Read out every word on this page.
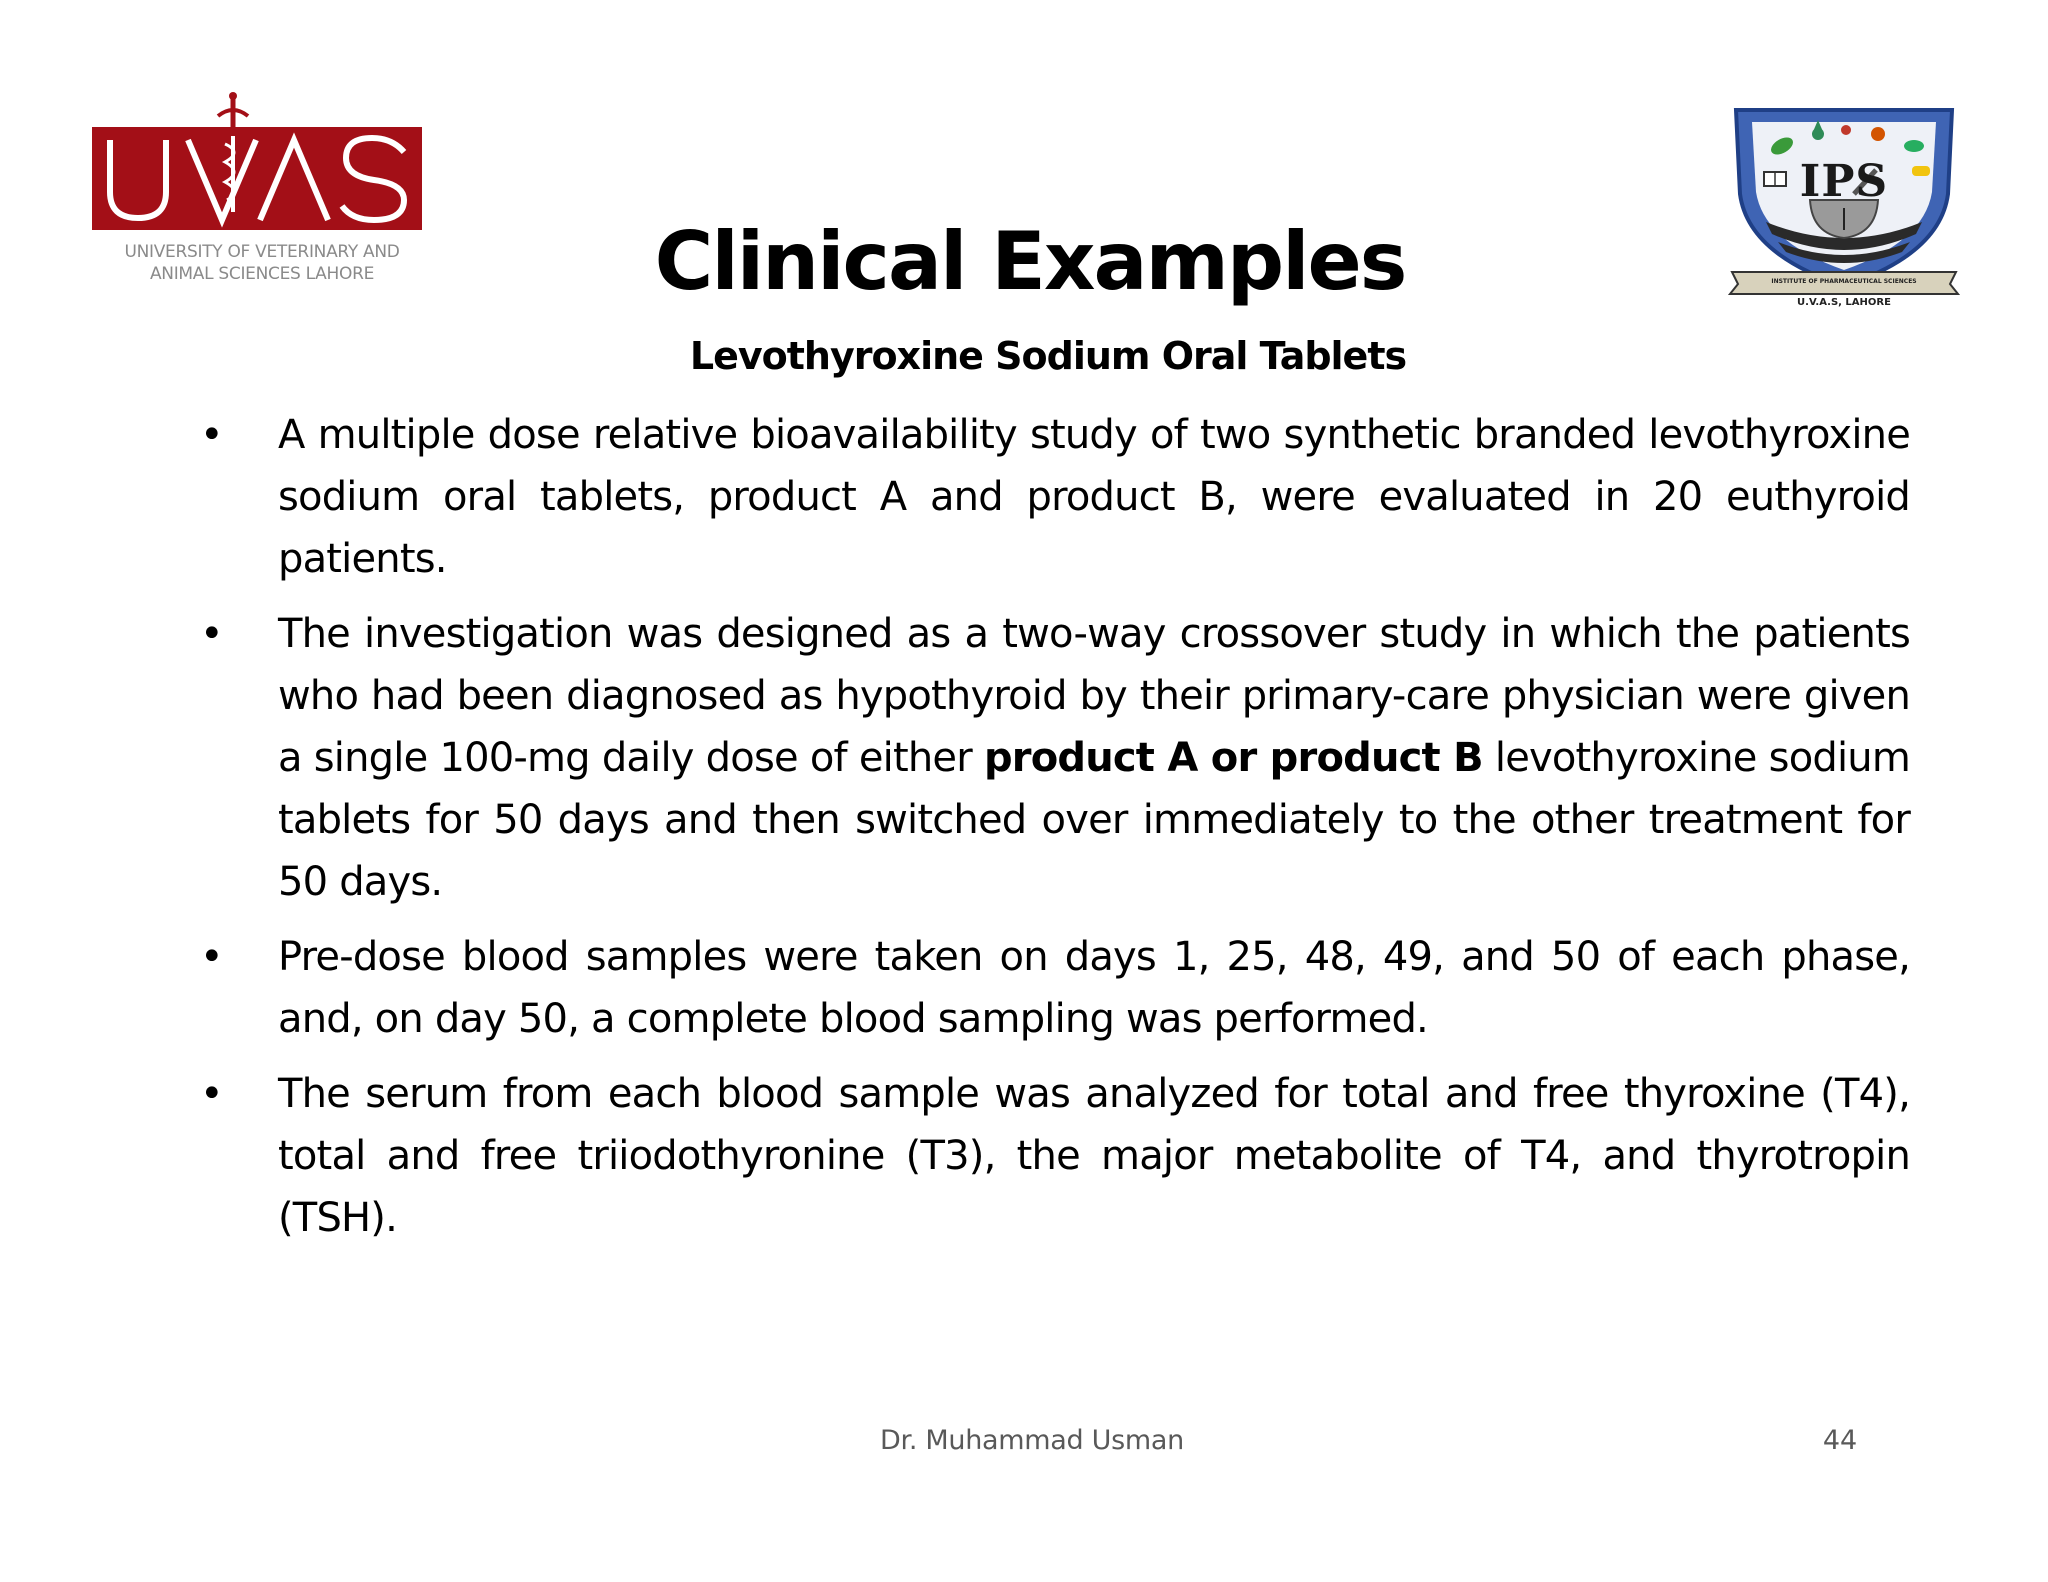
UNIVERSITY OF VETERINARY AND
ANIMAL SCIENCES LAHORE
IPS
INSTITUTE OF PHARMACEUTICAL SCIENCES
U.V.A.S, LAHORE
Clinical Examples
Levothyroxine Sodium Oral Tablets
• A multiple dose relative bioavailability study of two synthetic branded levothyroxine sodium oral tablets, product A and product B, were evaluated in 20 euthyroid patients.
• The investigation was designed as a two-way crossover study in which the patients who had been diagnosed as hypothyroid by their primary-care physician were given a single 100-mg daily dose of either product A or product B levothyroxine sodium tablets for 50 days and then switched over immediately to the other treatment for 50 days.
• Pre-dose blood samples were taken on days 1, 25, 48, 49, and 50 of each phase, and, on day 50, a complete blood sampling was performed.
• The serum from each blood sample was analyzed for total and free thyroxine (T4), total and free triiodothyronine (T3), the major metabolite of T4, and thyrotropin (TSH).
Dr. Muhammad Usman	44
